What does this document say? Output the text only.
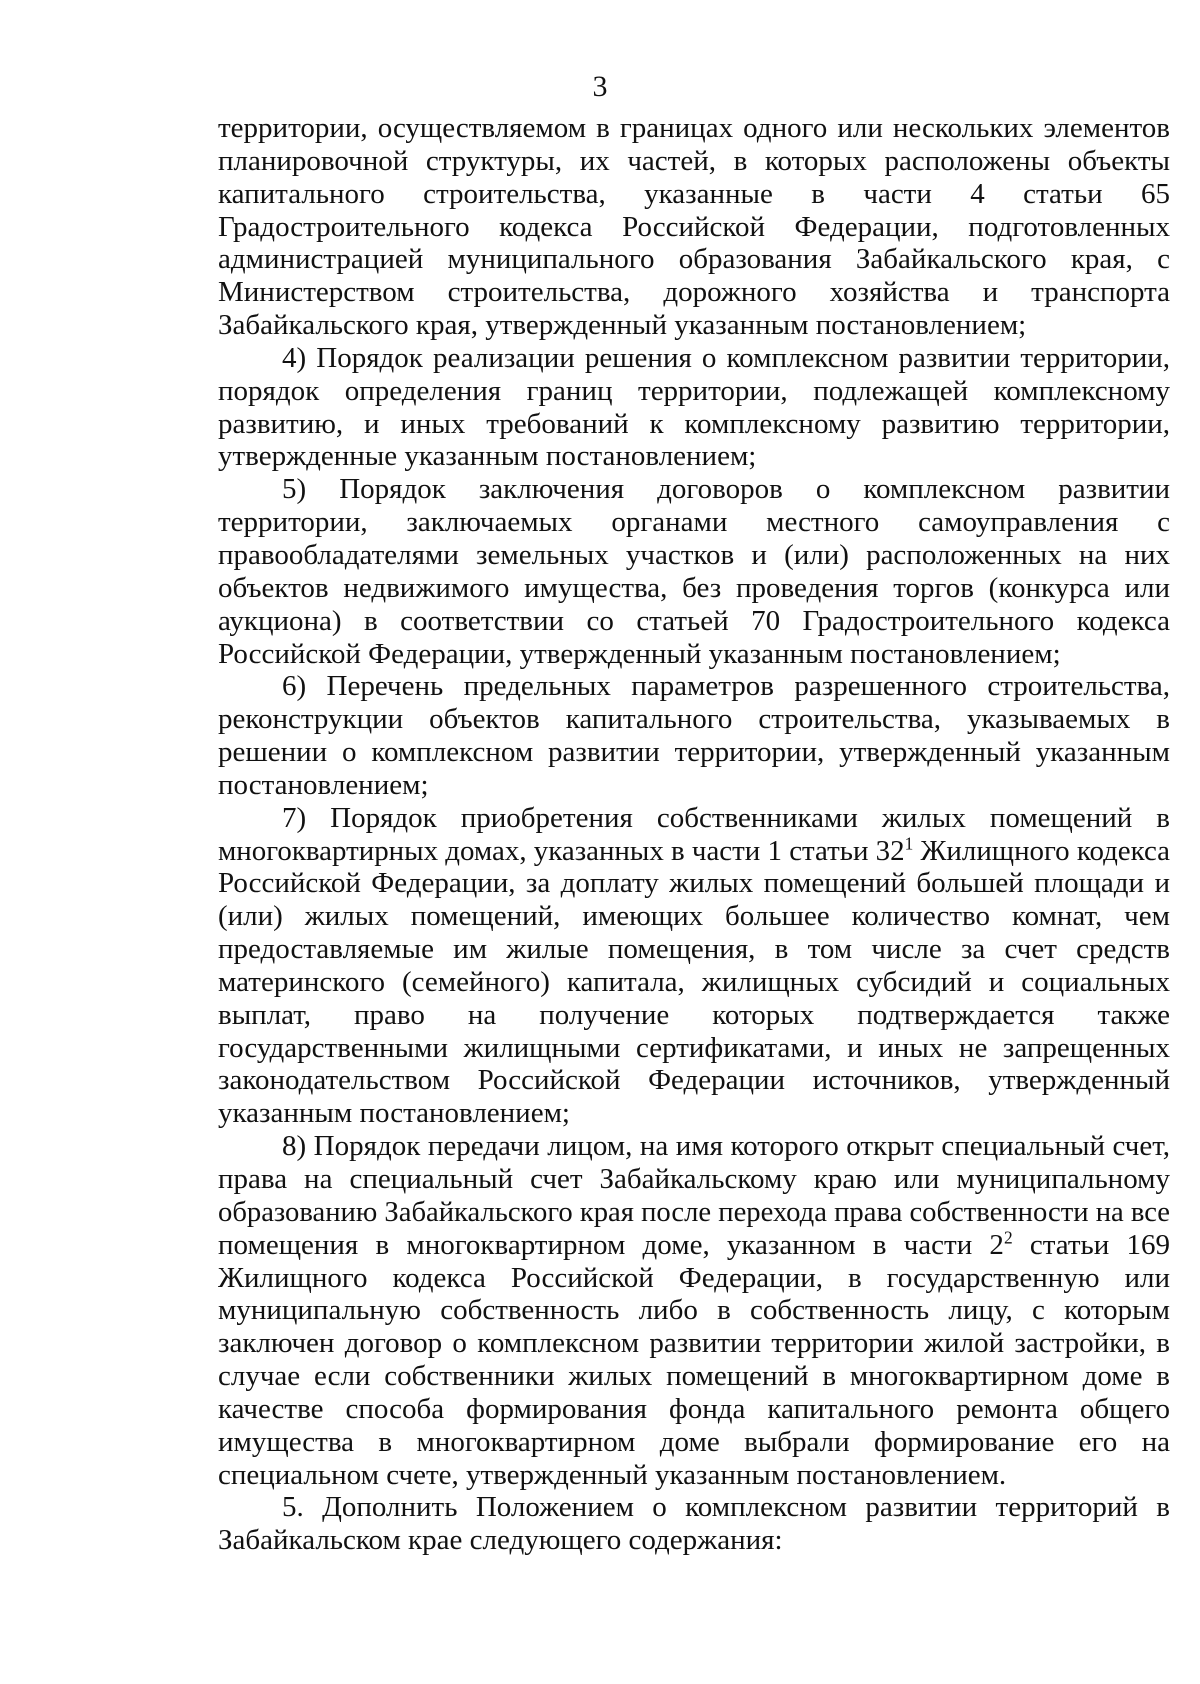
3
территории, осуществляемом в границах одного или нескольких элементов
планировочной структуры, их частей, в которых расположены объекты
капитального строительства, указанные в части 4 статьи 65
Градостроительного кодекса Российской Федерации, подготовленных
администрацией муниципального образования Забайкальского края, с
Министерством строительства, дорожного хозяйства и транспорта
Забайкальского края, утвержденный указанным постановлением;
4) Порядок реализации решения о комплексном развитии территории,
порядок определения границ территории, подлежащей комплексному
развитию, и иных требований к комплексному развитию территории,
утвержденные указанным постановлением;
5) Порядок заключения договоров о комплексном развитии
территории, заключаемых органами местного самоуправления с
правообладателями земельных участков и (или) расположенных на них
объектов недвижимого имущества, без проведения торгов (конкурса или
аукциона) в соответствии со статьей 70 Градостроительного кодекса
Российской Федерации, утвержденный указанным постановлением;
6) Перечень предельных параметров разрешенного строительства,
реконструкции объектов капитального строительства, указываемых в
решении о комплексном развитии территории, утвержденный указанным
постановлением;
7) Порядок приобретения собственниками жилых помещений в
многоквартирных домах, указанных в части 1 статьи $32^1$ Жилищного кодекса
Российской Федерации, за доплату жилых помещений большей площади и
(или) жилых помещений, имеющих большее количество комнат, чем
предоставляемые им жилые помещения, в том числе за счет средств
материнского (семейного) капитала, жилищных субсидий и социальных
выплат, право на получение которых подтверждается также
государственными жилищными сертификатами, и иных не запрещенных
законодательством Российской Федерации источников, утвержденный
указанным постановлением;
8) Порядок передачи лицом, на имя которого открыт специальный счет,
права на специальный счет Забайкальскому краю или муниципальному
образованию Забайкальского края после перехода права собственности на все
помещения в многоквартирном доме, указанном в части $2^2$ статьи 169
Жилищного кодекса Российской Федерации, в государственную или
муниципальную собственность либо в собственность лицу, с которым
заключен договор о комплексном развитии территории жилой застройки, в
случае если собственники жилых помещений в многоквартирном доме в
качестве способа формирования фонда капитального ремонта общего
имущества в многоквартирном доме выбрали формирование его на
специальном счете, утвержденный указанным постановлением.
5. Дополнить Положением о комплексном развитии территорий в
Забайкальском крае следующего содержания:
